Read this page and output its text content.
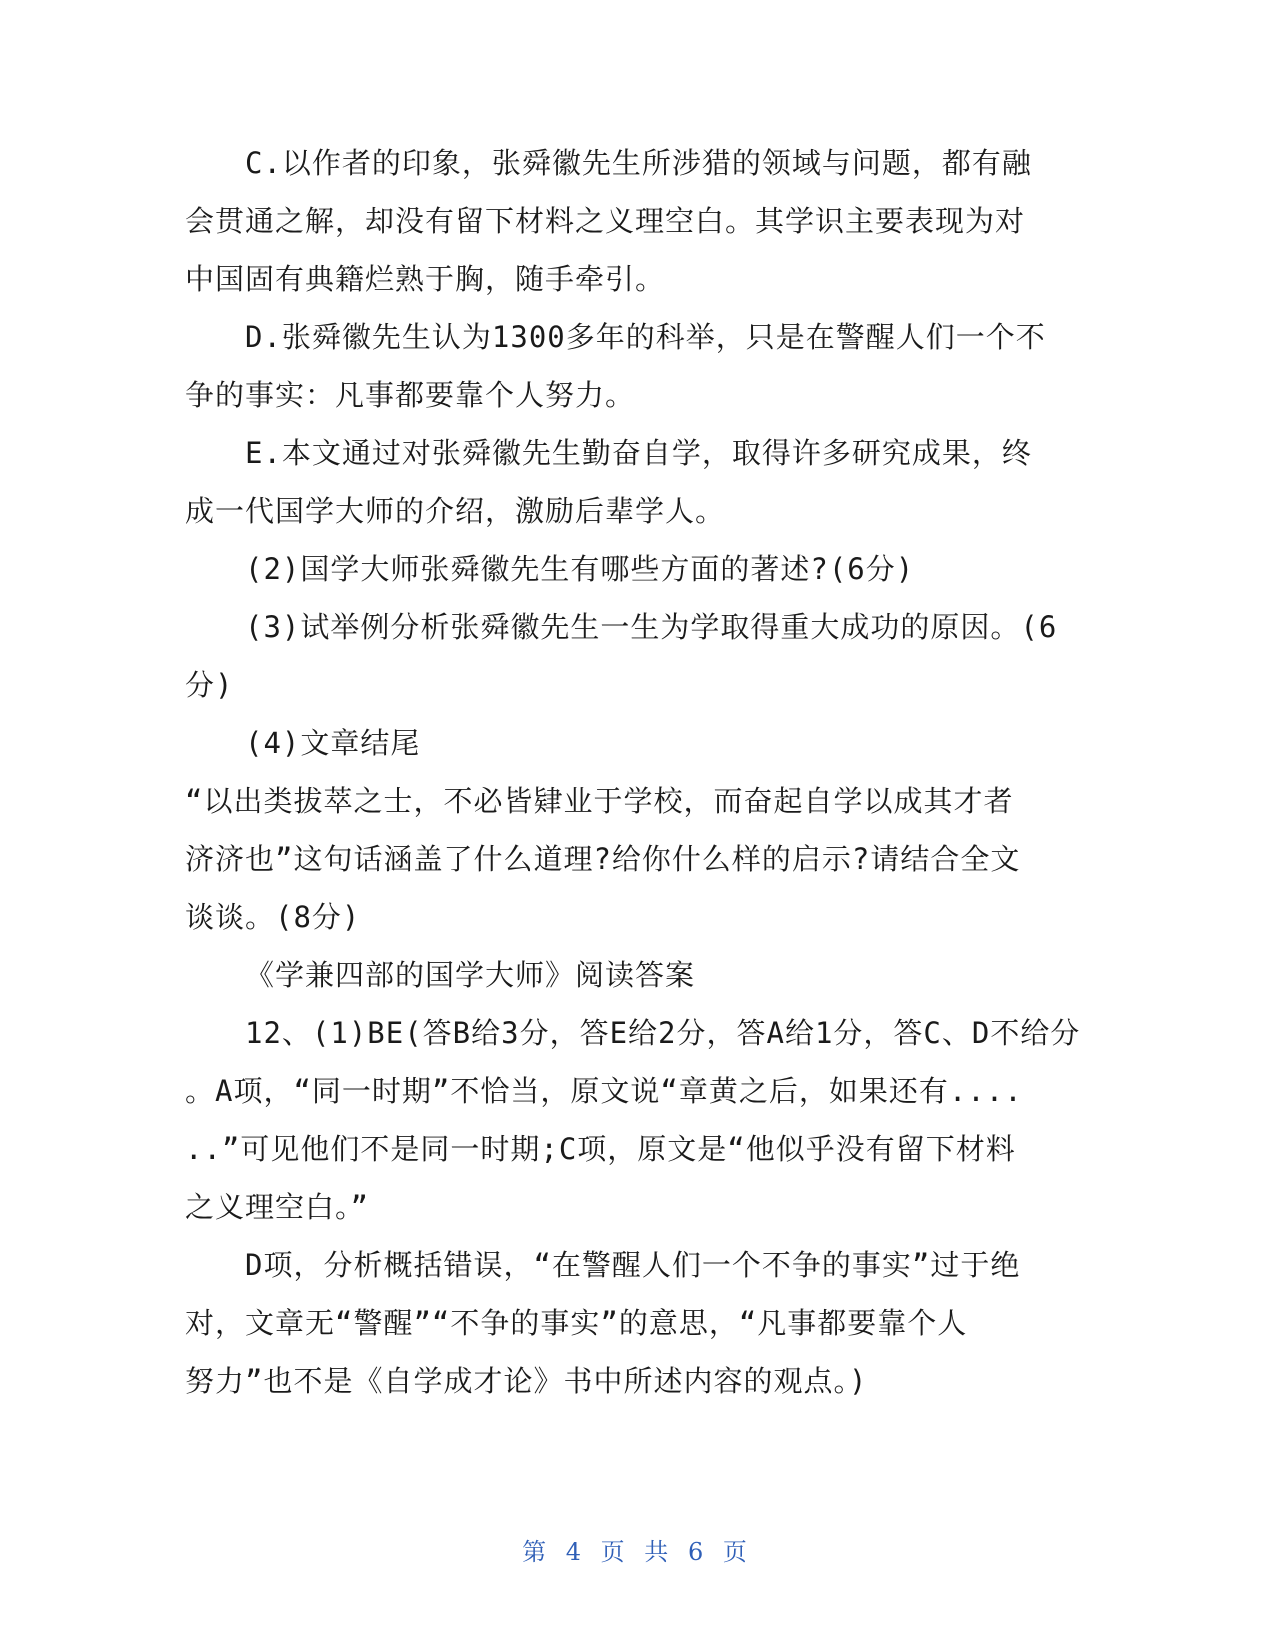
C.以作者的印象，张舜徽先生所涉猎的领域与问题，都有融
会贯通之解，却没有留下材料之义理空白。其学识主要表现为对
中国固有典籍烂熟于胸，随手牵引。
D.张舜徽先生认为1300多年的科举，只是在警醒人们一个不
争的事实：凡事都要靠个人努力。
E.本文通过对张舜徽先生勤奋自学，取得许多研究成果，终
成一代国学大师的介绍，激励后辈学人。
(2)国学大师张舜徽先生有哪些方面的著述?(6分)
(3)试举例分析张舜徽先生一生为学取得重大成功的原因。(6
分)
(4)文章结尾
“以出类拔萃之士，不必皆肄业于学校，而奋起自学以成其才者
济济也”这句话涵盖了什么道理?给你什么样的启示?请结合全文
谈谈。(8分)
《学兼四部的国学大师》阅读答案
12、(1)BE(答B给3分，答E给2分，答A给1分，答C、D不给分
。A项，“同一时期”不恰当，原文说“章黄之后，如果还有....
..”可见他们不是同一时期;C项，原文是“他似乎没有留下材料
之义理空白。”
D项，分析概括错误，“在警醒人们一个不争的事实”过于绝
对，文章无“警醒”“不争的事实”的意思，“凡事都要靠个人
努力”也不是《自学成才论》书中所述内容的观点。)
第 4 页 共 6 页
